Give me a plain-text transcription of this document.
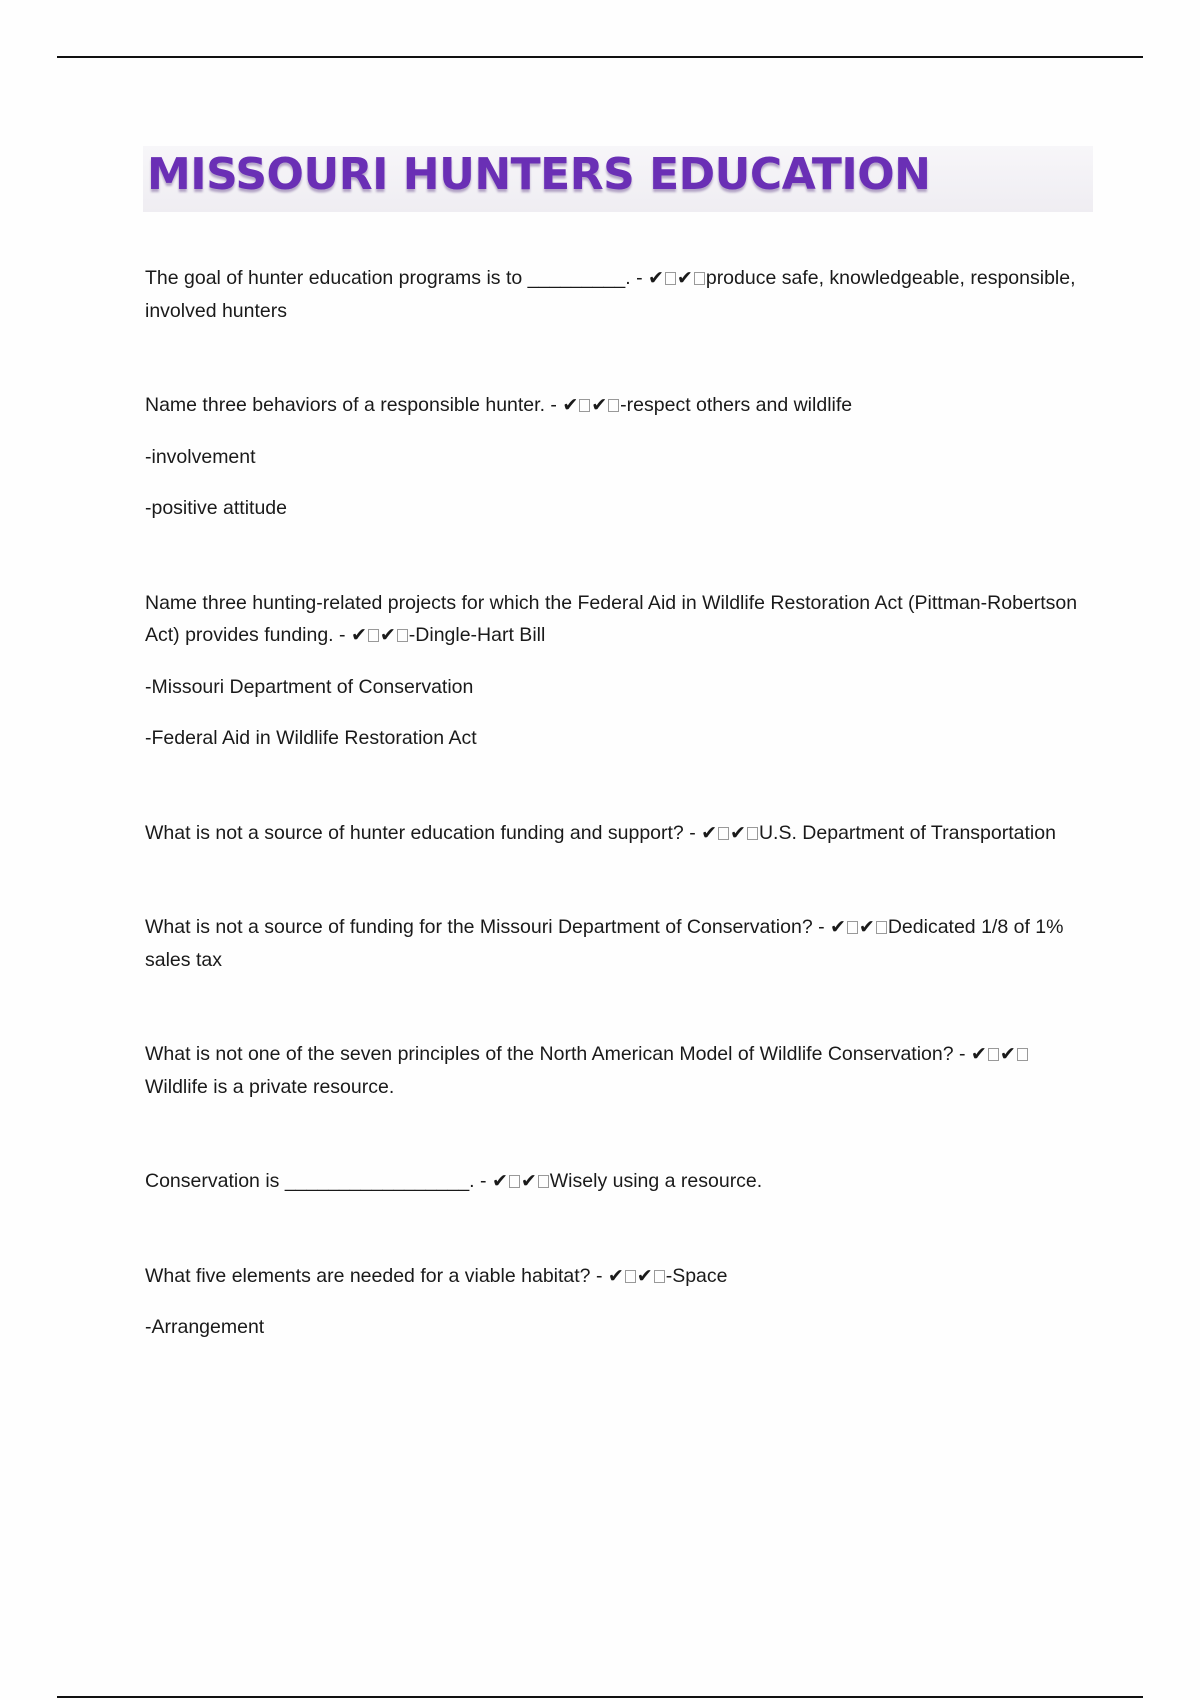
MISSOURI HUNTERS EDUCATION

The goal of hunter education programs is to _________. - ✔ ✔ produce safe, knowledgeable, responsible, involved hunters

Name three behaviors of a responsible hunter. - ✔ ✔ -respect others and wildlife

-involvement

-positive attitude

Name three hunting-related projects for which the Federal Aid in Wildlife Restoration Act (Pittman-Robertson Act) provides funding. - ✔ ✔ -Dingle-Hart Bill

-Missouri Department of Conservation

-Federal Aid in Wildlife Restoration Act

What is not a source of hunter education funding and support? - ✔ ✔ U.S. Department of Transportation

What is not a source of funding for the Missouri Department of Conservation? - ✔ ✔ Dedicated 1/8 of 1% sales tax

What is not one of the seven principles of the North American Model of Wildlife Conservation? - ✔ ✔Wildlife is a private resource.

Conservation is _________________. - ✔ ✔ Wisely using a resource.

What five elements are needed for a viable habitat? - ✔ ✔ -Space

-Arrangement
